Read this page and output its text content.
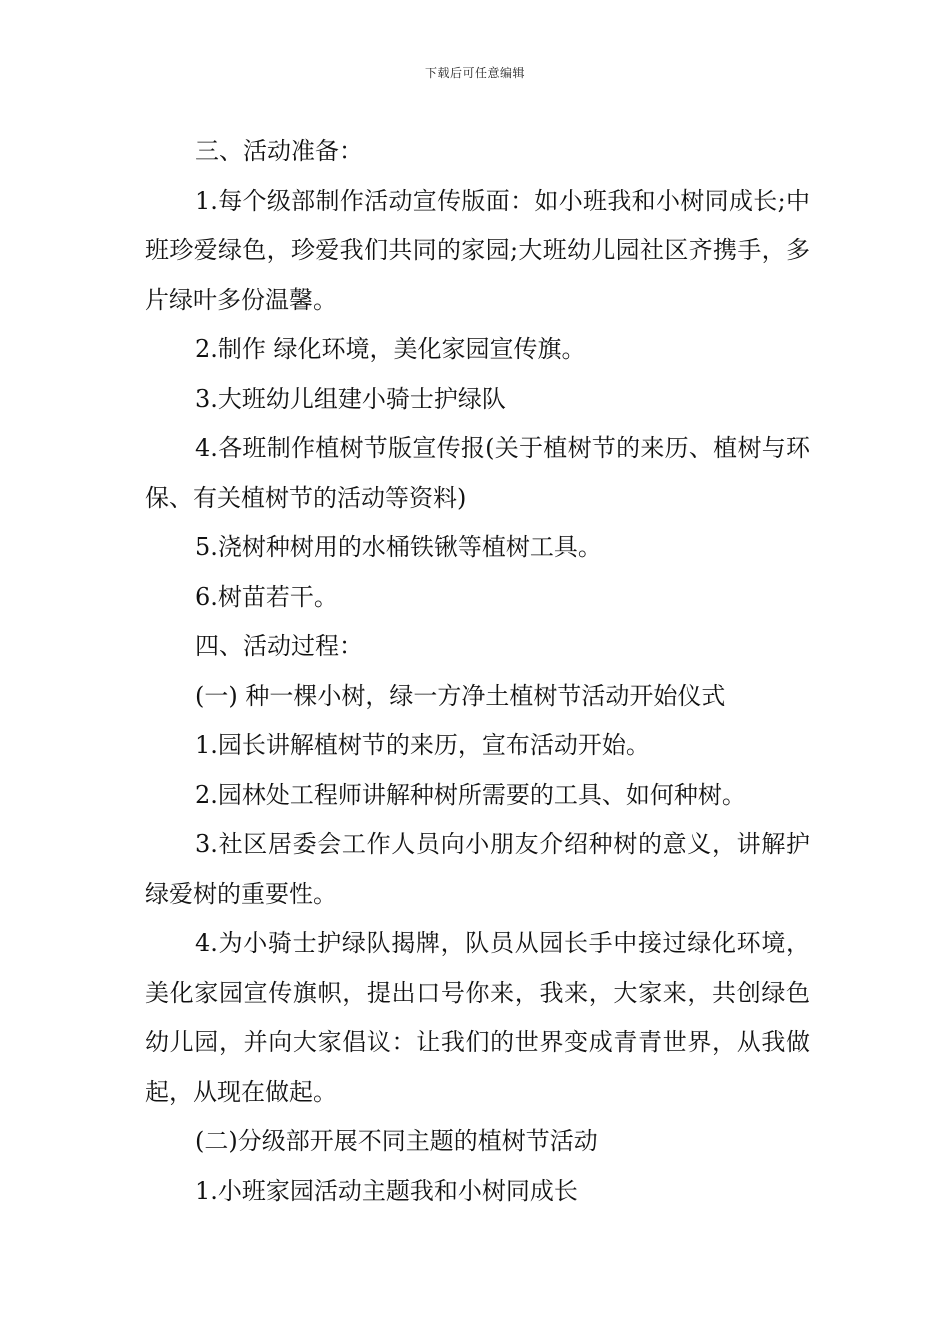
下载后可任意编辑

三、活动准备：

1.每个级部制作活动宣传版面：如小班我和小树同成长;中班珍爱绿色，珍爱我们共同的家园;大班幼儿园社区齐携手，多片绿叶多份温馨。

2.制作 绿化环境，美化家园宣传旗。

3.大班幼儿组建小骑士护绿队

4.各班制作植树节版宣传报(关于植树节的来历、植树与环保、有关植树节的活动等资料)

5.浇树种树用的水桶铁锹等植树工具。

6.树苗若干。

四、活动过程：

(一) 种一棵小树，绿一方净土植树节活动开始仪式

1.园长讲解植树节的来历，宣布活动开始。

2.园林处工程师讲解种树所需要的工具、如何种树。

3.社区居委会工作人员向小朋友介绍种树的意义，讲解护绿爱树的重要性。

4.为小骑士护绿队揭牌，队员从园长手中接过绿化环境，美化家园宣传旗帜，提出口号你来，我来，大家来，共创绿色幼儿园，并向大家倡议：让我们的世界变成青青世界，从我做起，从现在做起。

(二)分级部开展不同主题的植树节活动

1.小班家园活动主题我和小树同成长
